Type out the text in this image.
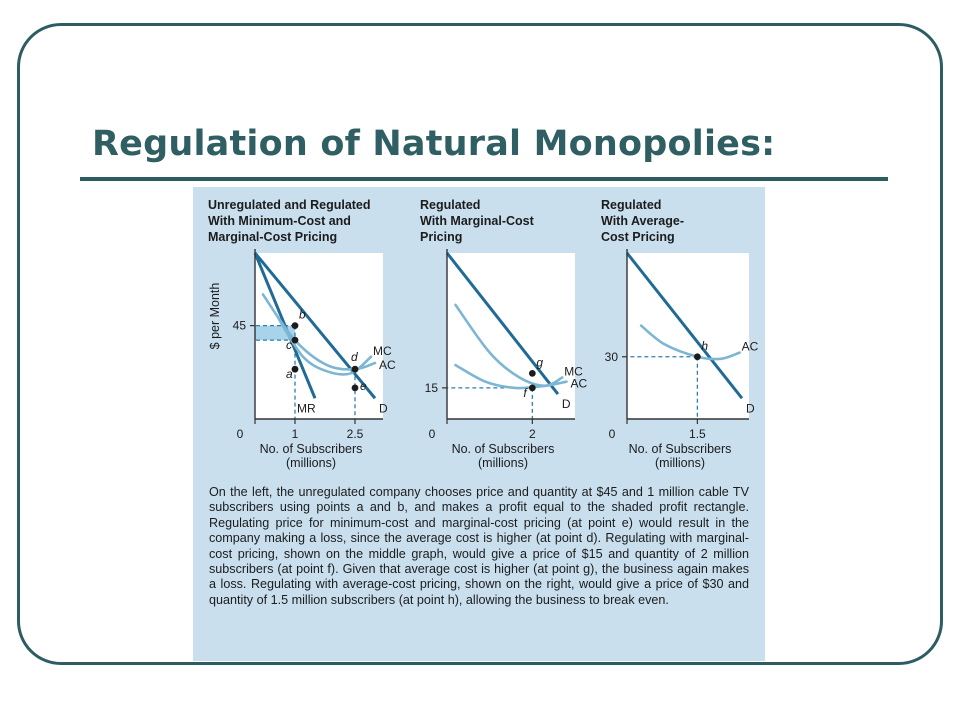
Regulation of Natural Monopolies:
Unregulated and Regulated
With Minimum-Cost and
Marginal-Cost Pricing
D
MR
MC
AC
0	1	2.5
45
No. of Subscribers
(millions)
$ per Month	b
c
a
d
e
Regulated
With Marginal-Cost
Pricing
D
MC
AC
0	2
15
No. of Subscribers
(millions)
g
f
Regulated
With Average-
Cost Pricing
D
AC
0	1.5
30
No. of Subscribers
(millions)
h

On the left, the unregulated company chooses price and quantity at $45 and 1 million cable TV subscribers using points a and b, and makes a profit equal to the shaded profit rectangle. Regulating price for minimum-cost and marginal-cost pricing (at point e) would result in the company making a loss, since the average cost is higher (at point d). Regulating with marginal-cost pricing, shown on the middle graph, would give a price of $15 and quantity of 2 million subscribers (at point f). Given that average cost is higher (at point g), the business again makes a loss. Regulating with average-cost pricing, shown on the right, would give a price of $30 and quantity of 1.5 million subscribers (at point h), allowing the business to break even.
